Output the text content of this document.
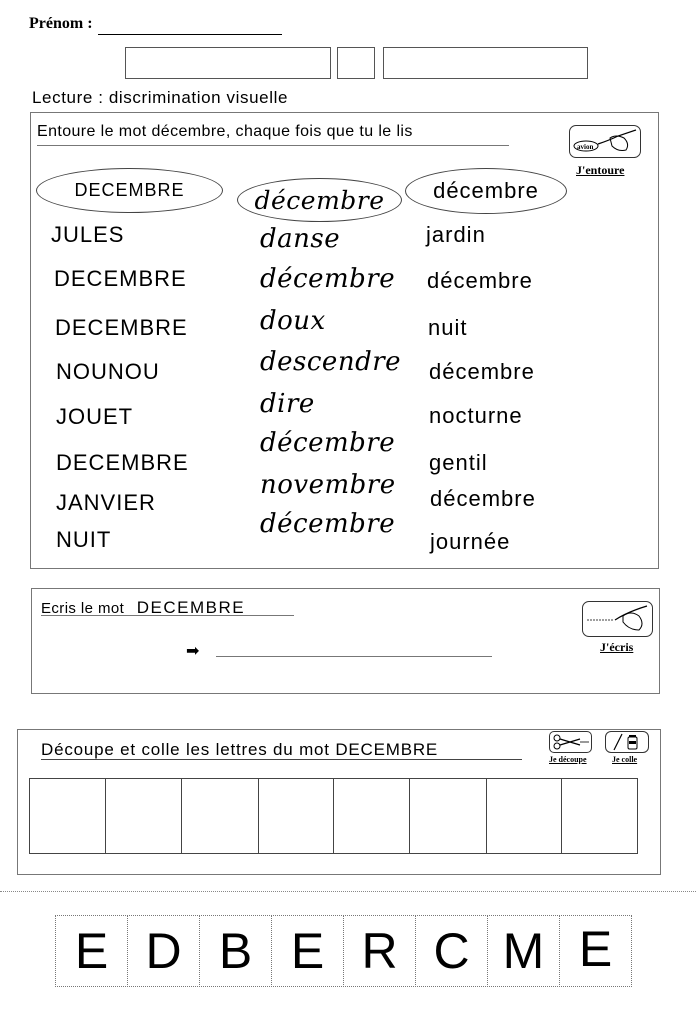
Prénom :
Lecture : discrimination visuelle
Entoure le mot décembre, chaque fois que tu le lis
avion
J'entoure
DECEMBRE	décembre décembre
JULES
DECEMBRE
DECEMBRE
NOUNOU
JOUET
DECEMBRE
JANVIER
NUIT
danse
décembre
doux
descendre
dire
décembre
novembre
décembre
jardin
décembre
nuit
décembre
nocturne
gentil
décembre
journée
Ecris le mot DECEMBRE
J'écris
➡
Découpe et colle les lettres du mot DECEMBRE
Je découpe	Je colle
E D B E R C M E
